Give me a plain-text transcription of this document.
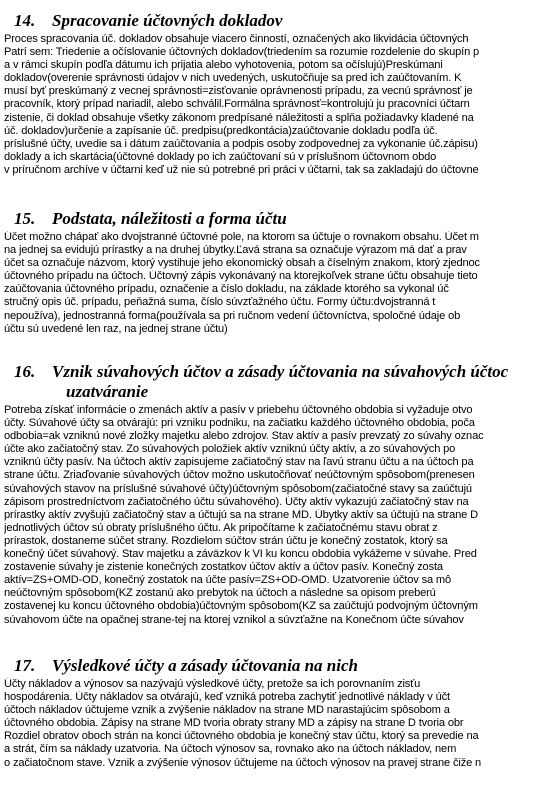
14. Spracovanie účtovných dokladov
Proces spracovania úč. dokladov obsahuje viacero činností, označených ako likvidácia účtovných
Patrí sem: Triedenie a očíslovanie účtovných dokladov(triedením sa rozumie rozdelenie do skupín p
a v rámci skupín podľa dátumu ich prijatia alebo vyhotovenia, potom sa očíslujú)Preskúmani
dokladov(overenie správnosti údajov v nich uvedených, uskutočňuje sa pred ich zaúčtovaním. K
musí byť preskúmaný z vecnej správnosti=zisťovanie oprávnenosti prípadu, za vecnú správnosť je
pracovník, ktorý prípad nariadil, alebo schválil.Formálna správnosť=kontrolujú ju pracovníci účtarn
zistenie, či doklad obsahuje všetky zákonom predpísané náležitosti a spĺňa požiadavky kladené na
úč. dokladov)určenie a zapísanie úč. predpisu(predkontácia)zaúčtovanie dokladu podľa úč.
príslušné účty, uvedie sa i dátum zaúčtovania a podpis osoby zodpovednej za vykonanie úč.zápisu)
doklady a ich skartácia(účtovné doklady po ich zaúčtovaní sú v príslušnom účtovnom obdo
v príručnom archíve v účtarni keď už nie sú potrebné pri práci v účtarni, tak sa zakladajú do účtovne
15. Podstata, náležitosti a forma účtu
Účet možno chápať ako dvojstranné účtovné pole, na ktorom sa účtuje o rovnakom obsahu. Účet m
na jednej sa evidujú prírastky a na druhej úbytky.Ľavá strana sa označuje výrazom má dať a prav
účet sa označuje názvom, ktorý vystihuje jeho ekonomický obsah a číselným znakom, ktorý zjednoc
účtovného prípadu na účtoch. Účtovný zápis vykonávaný na ktorejkoľvek strane účtu obsahuje tieto
zaúčtovania účtovného prípadu, označenie a číslo dokladu, na základe ktorého sa vykonal úč
stručný opis úč. prípadu, peňažná suma, číslo súvzťažného účtu. Formy účtu:dvojstranná t
nepoužíva), jednostranná forma(používala sa pri ručnom vedení účtovníctva, spoločné údaje ob
účtu sú uvedené len raz, na jednej strane účtu)
16. Vznik súvahových účtov a zásady účtovania na súvahových účtoc
uzatváranie
Potreba získať informácie o zmenách aktív a pasív v priebehu účtovného obdobia si vyžaduje otvo
účty. Súvahové účty sa otvárajú: pri vzniku podniku, na začiatku každého účtovného obdobia, poča
odbobia=ak vzniknú nové zložky majetku alebo zdrojov. Stav aktív a pasív prevzatý zo súvahy oznac
účte ako začiatočný stav. Zo súvahových položiek aktív vzniknú účty aktív, a zo súvahových po
vzniknú účty pasív. Na účtoch aktív zapisujeme začiatočný stav na ľavú stranu účtu a na účtoch pa
strane účtu. Zriaďovanie súvahových účtov možno uskutočňovať neúčtovným spôsobom(prenesen
súvahových stavov na príslušné súvahové účty)účtovným spôsobom(začiatočné stavy sa zaúčtujú
zápisom prostredníctvom začiatočného účtu súvahového). Účty aktív vykazujú začiatočný stav na
prírastky aktív zvyšujú začiatočný stav a účtujú sa na strane MD. Úbytky aktív sa účtujú na strane D
jednotlivých účtov sú obraty príslušného účtu. Ak pripočítame k začiatočnému stavu obrat z
prírastok, dostaneme súčet strany. Rozdielom súčtov strán účtu je konečný zostatok, ktorý sa
konečný účet súvahový. Stav majetku a záväzkov k VI ku koncu obdobia vykážeme v súvahe. Pred
zostavenie súvahy je zistenie konečných zostatkov účtov aktív a účtov pasív. Konečný zosta
aktív=ZS+OMD-OD, konečný zostatok na účte pasív=ZS+OD-OMD. Uzatvorenie účtov sa mô
neúčtovným spôsobom(KZ zostanú ako prebytok na účtoch a následne sa opisom preberú
zostavenej ku koncu účtovného obdobia)účtovným spôsobom(KZ sa zaúčtujú podvojným účtovným
súvahovom účte na opačnej strane-tej na ktorej vznikol a súvzťažne na Konečnom účte súvahov
17. Výsledkové účty a zásady účtovania na nich
Účty nákladov a výnosov sa nazývajú výsledkové účty, pretože sa ich porovnaním zisťu
hospodárenia. Účty nákladov sa otvárajú, keď vzniká potreba zachytiť jednotlivé náklady v účt
účtoch nákladov účtujeme vznik a zvýšenie nákladov na strane MD narastajúcim spôsobom a
účtovného obdobia. Zápisy na strane MD tvoria obraty strany MD a zápisy na strane D tvoria obr
Rozdiel obratov oboch strán na konci účtovného obdobia je konečný stav účtu, ktorý sa prevedie na
a strát, čím sa náklady uzatvoria. Na účtoch výnosov sa, rovnako ako na účtoch nákladov, nem
o začiatočnom stave. Vznik a zvýšenie výnosov účtujeme na účtoch výnosov na pravej strane čiže n
